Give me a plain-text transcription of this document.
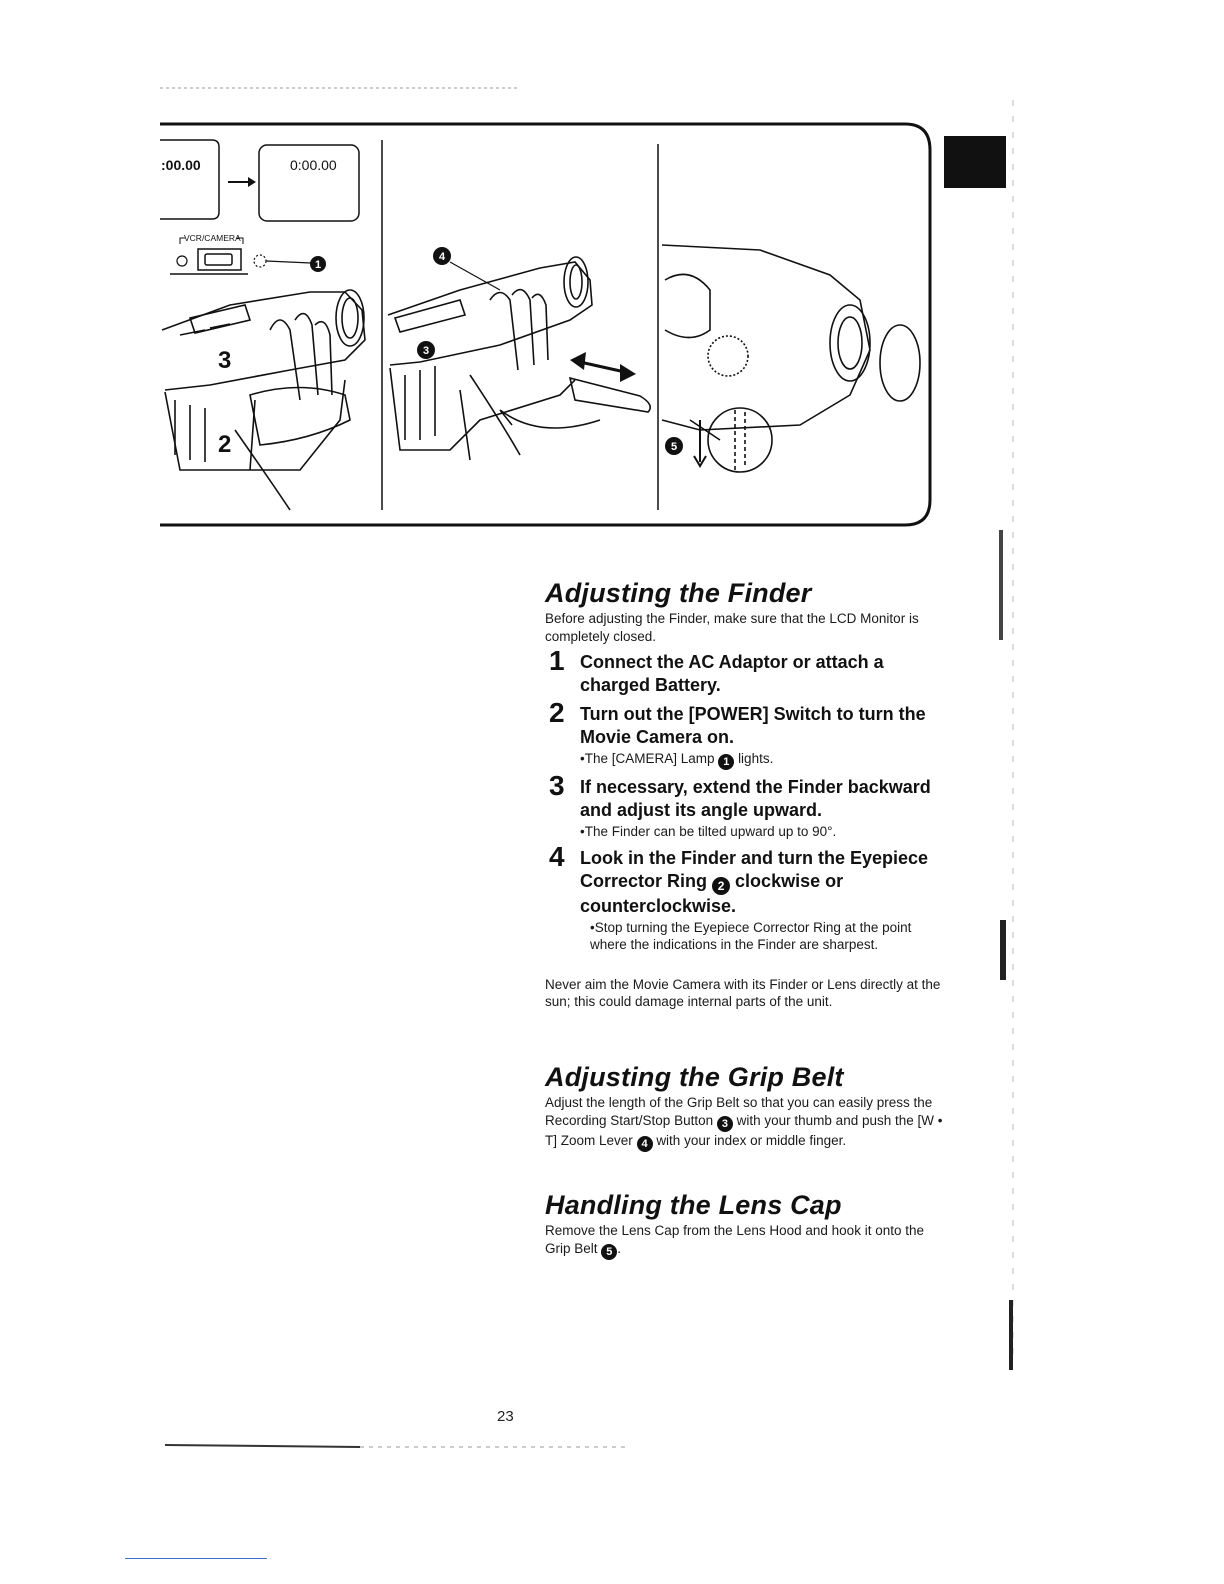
:00.00	0:00.00
VCR/CAMERA
1
3
2
4
3
5
Adjusting the Finder

Before adjusting the Finder, make sure that the LCD Monitor is completely closed.

1 Connect the AC Adaptor or attach a charged Battery.
2 Turn out the [POWER] Switch to turn the Movie Camera on.
•The [CAMERA] Lamp 1 lights.
3 If necessary, extend the Finder backward and adjust its angle upward.
•The Finder can be tilted upward up to 90°.
4 Look in the Finder and turn the Eyepiece Corrector Ring 2 clockwise or counterclockwise.
•Stop turning the Eyepiece Corrector Ring at the point where the indications in the Finder are sharpest.

Never aim the Movie Camera with its Finder or Lens directly at the sun; this could damage internal parts of the unit.

Adjusting the Grip Belt

Adjust the length of the Grip Belt so that you can easily press the Recording Start/Stop Button 3 with your thumb and push the [W • T] Zoom Lever 4 with your index or middle finger.

Handling the Lens Cap

Remove the Lens Cap from the Lens Hood and hook it onto the Grip Belt 5 .

23
